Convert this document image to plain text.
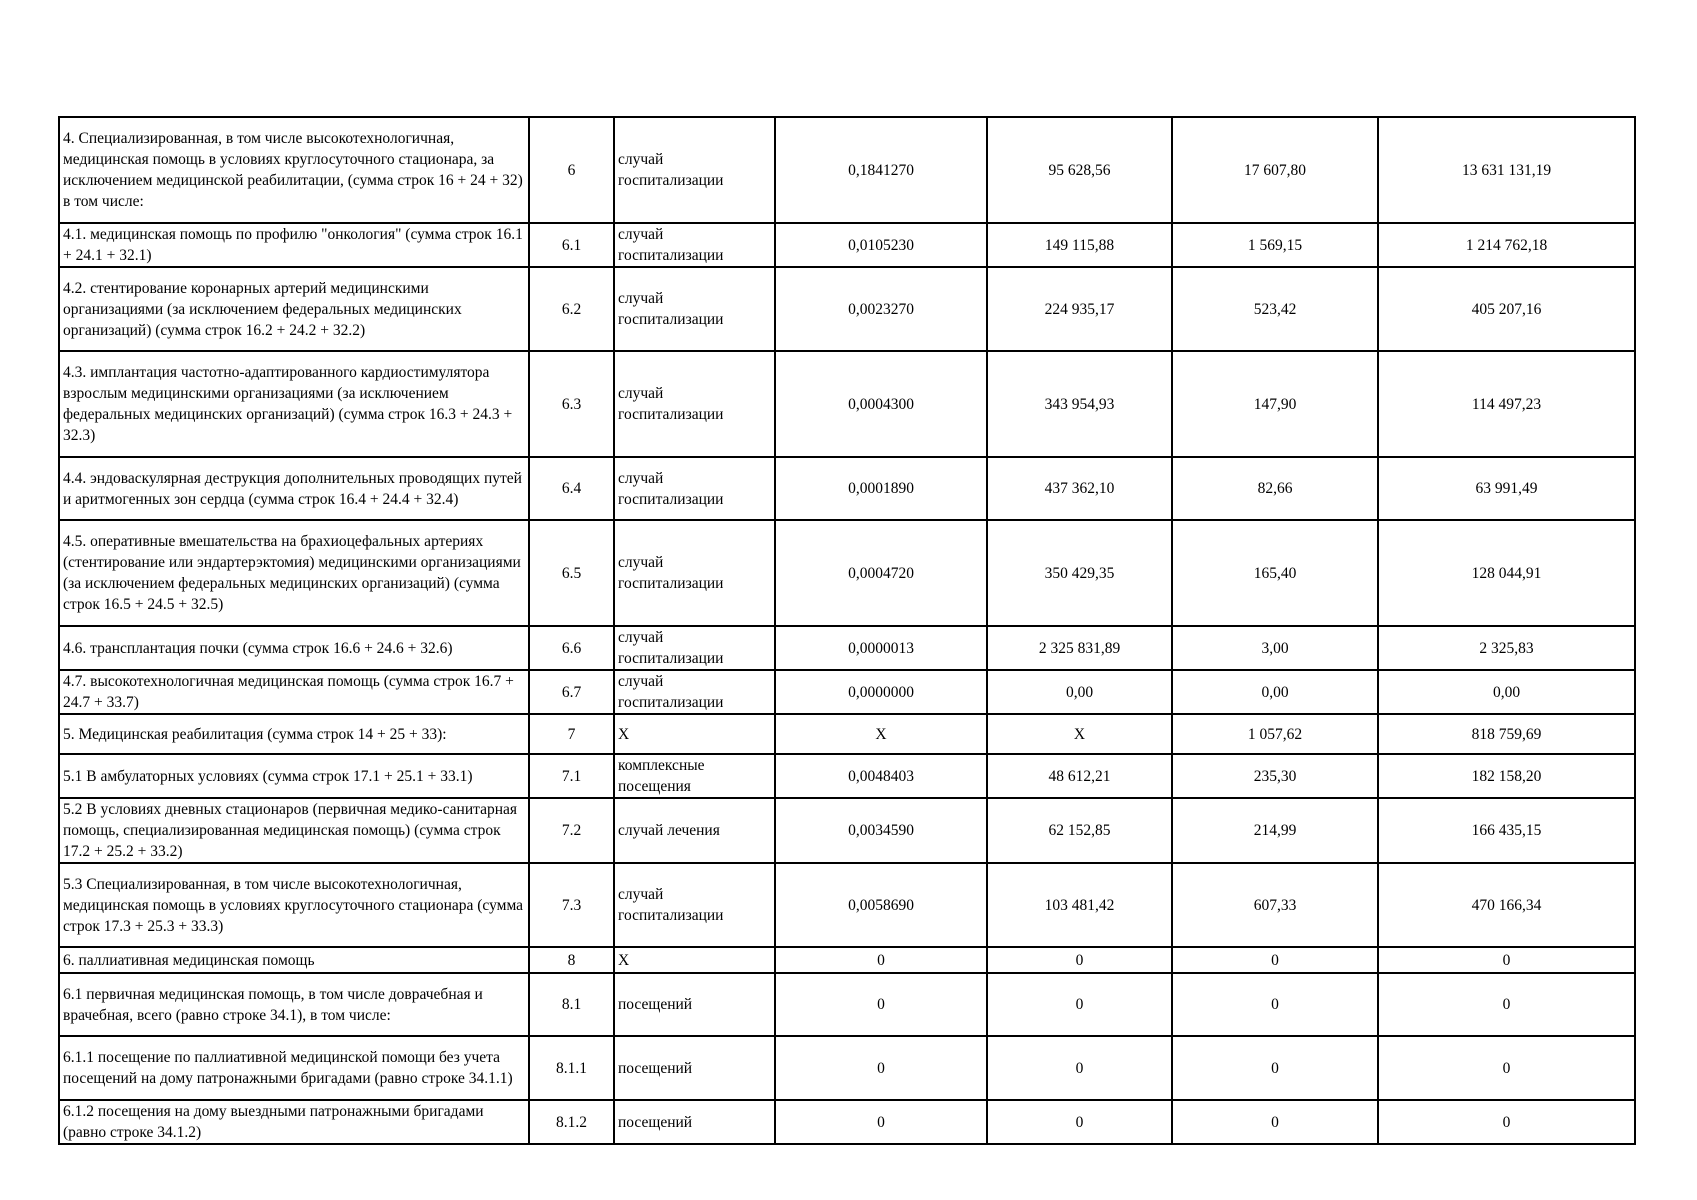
4. Специализированная, в том числе высокотехнологичная, медицинская помощь в условиях круглосуточного стационара, за исключением медицинской реабилитации, (сумма строк 16 + 24 + 32) в том числе:	6	случай госпитализации	0,1841270	95 628,56	17 607,80	13 631 131,19
4.1. медицинская помощь по профилю "онкология" (сумма строк 16.1 + 24.1 + 32.1)	6.1	случай госпитализации	0,0105230	149 115,88	1 569,15	1 214 762,18
4.2. стентирование коронарных артерий медицинскими организациями (за исключением федеральных медицинских организаций) (сумма строк 16.2 + 24.2 + 32.2)	6.2	случай госпитализации	0,0023270	224 935,17	523,42	405 207,16
4.3. имплантация частотно-адаптированного кардиостимулятора взрослым медицинскими организациями (за исключением федеральных медицинских организаций) (сумма строк 16.3 + 24.3 + 32.3)	6.3	случай госпитализации	0,0004300	343 954,93	147,90	114 497,23
4.4. эндоваскулярная деструкция дополнительных проводящих путей и аритмогенных зон сердца (сумма строк 16.4 + 24.4 + 32.4)	6.4	случай госпитализации	0,0001890	437 362,10	82,66	63 991,49
4.5. оперативные вмешательства на брахиоцефальных артериях (стентирование или эндартерэктомия) медицинскими организациями (за исключением федеральных медицинских организаций) (сумма строк 16.5 + 24.5 + 32.5)	6.5	случай госпитализации	0,0004720	350 429,35	165,40	128 044,91
4.6. трансплантация почки (сумма строк 16.6 + 24.6 + 32.6)	6.6	случай госпитализации	0,0000013	2 325 831,89	3,00	2 325,83
4.7. высокотехнологичная медицинская помощь (сумма строк 16.7 + 24.7 + 33.7)	6.7	случай госпитализации	0,0000000	0,00	0,00	0,00
5. Медицинская реабилитация (сумма строк 14 + 25 + 33):	7	Х	Х	Х	1 057,62	818 759,69
5.1 В амбулаторных условиях (сумма строк 17.1 + 25.1 + 33.1)	7.1	комплексные посещения	0,0048403	48 612,21	235,30	182 158,20
5.2 В условиях дневных стационаров (первичная медико-санитарная помощь, специализированная медицинская помощь) (сумма строк 17.2 + 25.2 + 33.2)	7.2	случай лечения	0,0034590	62 152,85	214,99	166 435,15
5.3 Специализированная, в том числе высокотехнологичная, медицинская помощь в условиях круглосуточного стационара (сумма строк 17.3 + 25.3 + 33.3)	7.3	случай госпитализации	0,0058690	103 481,42	607,33	470 166,34
6. паллиативная медицинская помощь	8	Х	0	0	0	0
6.1 первичная медицинская помощь, в том числе доврачебная и врачебная, всего (равно строке 34.1), в том числе:	8.1	посещений	0	0	0	0
6.1.1 посещение по паллиативной медицинской помощи без учета посещений на дому патронажными бригадами (равно строке 34.1.1)	8.1.1	посещений	0	0	0	0
6.1.2 посещения на дому выездными патронажными бригадами (равно строке 34.1.2)	8.1.2	посещений	0	0	0	0
